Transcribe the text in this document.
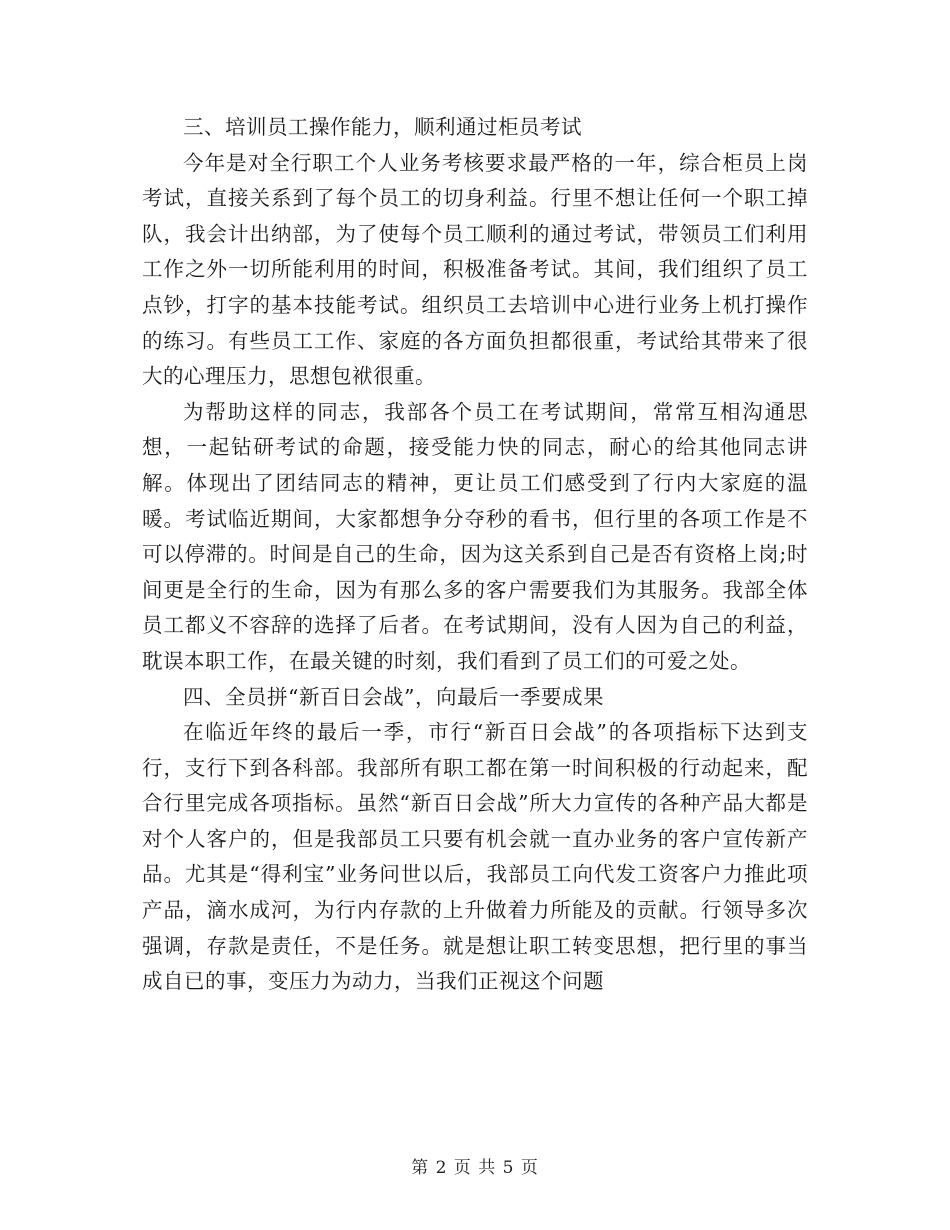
三、培训员工操作能力，顺利通过柜员考试

今年是对全行职工个人业务考核要求最严格的一年，综合柜员上岗考试，直接关系到了每个员工的切身利益。行里不想让任何一个职工掉队，我会计出纳部，为了使每个员工顺利的通过考试，带领员工们利用工作之外一切所能利用的时间，积极准备考试。其间，我们组织了员工点钞，打字的基本技能考试。组织员工去培训中心进行业务上机打操作的练习。有些员工工作、家庭的各方面负担都很重，考试给其带来了很大的心理压力，思想包袱很重。

为帮助这样的同志，我部各个员工在考试期间，常常互相沟通思想，一起钻研考试的命题，接受能力快的同志，耐心的给其他同志讲解。体现出了团结同志的精神，更让员工们感受到了行内大家庭的温暖。考试临近期间，大家都想争分夺秒的看书，但行里的各项工作是不可以停滞的。时间是自己的生命，因为这关系到自己是否有资格上岗;时间更是全行的生命，因为有那么多的客户需要我们为其服务。我部全体员工都义不容辞的选择了后者。在考试期间，没有人因为自己的利益，耽误本职工作，在最关键的时刻，我们看到了员工们的可爱之处。

四、全员拼“新百日会战”，向最后一季要成果

在临近年终的最后一季，市行“新百日会战”的各项指标下达到支行，支行下到各科部。我部所有职工都在第一时间积极的行动起来，配合行里完成各项指标。虽然“新百日会战”所大力宣传的各种产品大都是对个人客户的，但是我部员工只要有机会就一直办业务的客户宣传新产品。尤其是“得利宝”业务问世以后，我部员工向代发工资客户力推此项产品，滴水成河，为行内存款的上升做着力所能及的贡献。行领导多次强调，存款是责任，不是任务。就是想让职工转变思想，把行里的事当成自已的事，变压力为动力，当我们正视这个问题

第 2 页 共 5 页
